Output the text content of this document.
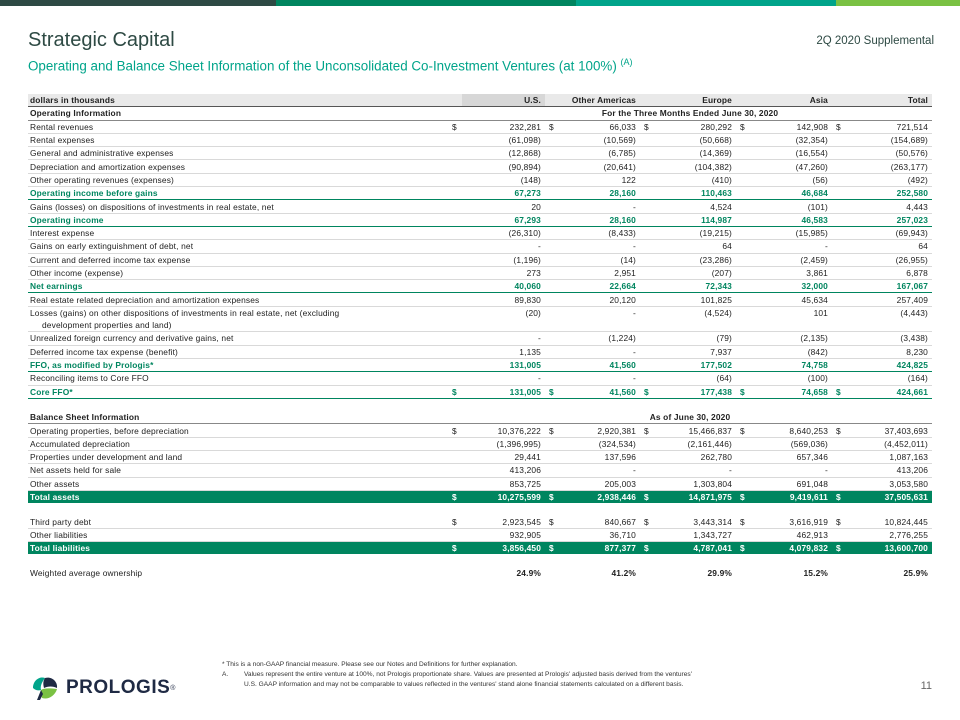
Strategic Capital	2Q 2020 Supplemental
Operating and Balance Sheet Information of the Unconsolidated Co-Investment Ventures (at 100%) $^{(A)}$
dollars in thousands		U.S.		Other Americas		Europe		Asia		Total
Operating Information	For the Three Months Ended June 30, 2020									
Rental revenues	$	232,281	$	66,033	$	280,292	$	142,908	$	721,514
Rental expenses		(61,098)		(10,569)		(50,668)		(32,354)		(154,689)
General and administrative expenses		(12,868)		(6,785)		(14,369)		(16,554)		(50,576)
Depreciation and amortization expenses		(90,894)		(20,641)		(104,382)		(47,260)		(263,177)
Other operating revenues (expenses)		(148)		122		(410)		(56)		(492)
Operating income before gains		67,273		28,160		110,463		46,684		252,580
Gains (losses) on dispositions of investments in real estate, net		20		-		4,524		(101)		4,443
Operating income		67,293		28,160		114,987		46,583		257,023
Interest expense		(26,310)		(8,433)		(19,215)		(15,985)		(69,943)
Gains on early extinguishment of debt, net		-		-		64		-		64
Current and deferred income tax expense		(1,196)		(14)		(23,286)		(2,459)		(26,955)
Other income (expense)		273		2,951		(207)		3,861		6,878
Net earnings		40,060		22,664		72,343		32,000		167,067
Real estate related depreciation and amortization expenses		89,830		20,120		101,825		45,634		257,409
Losses (gains) on other dispositions of investments in real estate, net (excluding		(20)		-		(4,524)		101		(4,443)
development properties and land)										
Unrealized foreign currency and derivative gains, net		-		(1,224)		(79)		(2,135)		(3,438)
Deferred income tax expense (benefit)		1,135		-		7,937		(842)		8,230
FFO, as modified by Prologis*		131,005		41,560		177,502		74,758		424,825
Reconciling items to Core FFO		-		-		(64)		(100)		(164)
Core FFO*	$	131,005	$	41,560	$	177,438	$	74,658	$	424,661

Balance Sheet Information	As of June 30, 2020									
Operating properties, before depreciation	$	10,376,222	$	2,920,381	$	15,466,837	$	8,640,253	$	37,403,693
Accumulated depreciation		(1,396,995)		(324,534)		(2,161,446)		(569,036)		(4,452,011)
Properties under development and land		29,441		137,596		262,780		657,346		1,087,163
Net assets held for sale		413,206		-		-		-		413,206
Other assets		853,725		205,003		1,303,804		691,048		3,053,580
Total assets	$	10,275,599	$	2,938,446	$	14,871,975	$	9,419,611	$	37,505,631

Third party debt	$	2,923,545	$	840,667	$	3,443,314	$	3,616,919	$	10,824,445
Other liabilities		932,905		36,710		1,343,727		462,913		2,776,255
Total liabilities	$	3,856,450	$	877,377	$	4,787,041	$	4,079,832	$	13,600,700

Weighted average ownership		24.9%		41.2%		29.9%		15.2%		25.9%
* This is a non-GAAP financial measure. Please see our Notes and Definitions for further explanation.
A.	Values represent the entire venture at 100%, not Prologis proportionate share. Values are presented at Prologis' adjusted basis derived from the ventures'
U.S. GAAP information and may not be comparable to values reflected in the ventures' stand alone financial statements calculated on a different basis.
PROLOGIS ®	11
